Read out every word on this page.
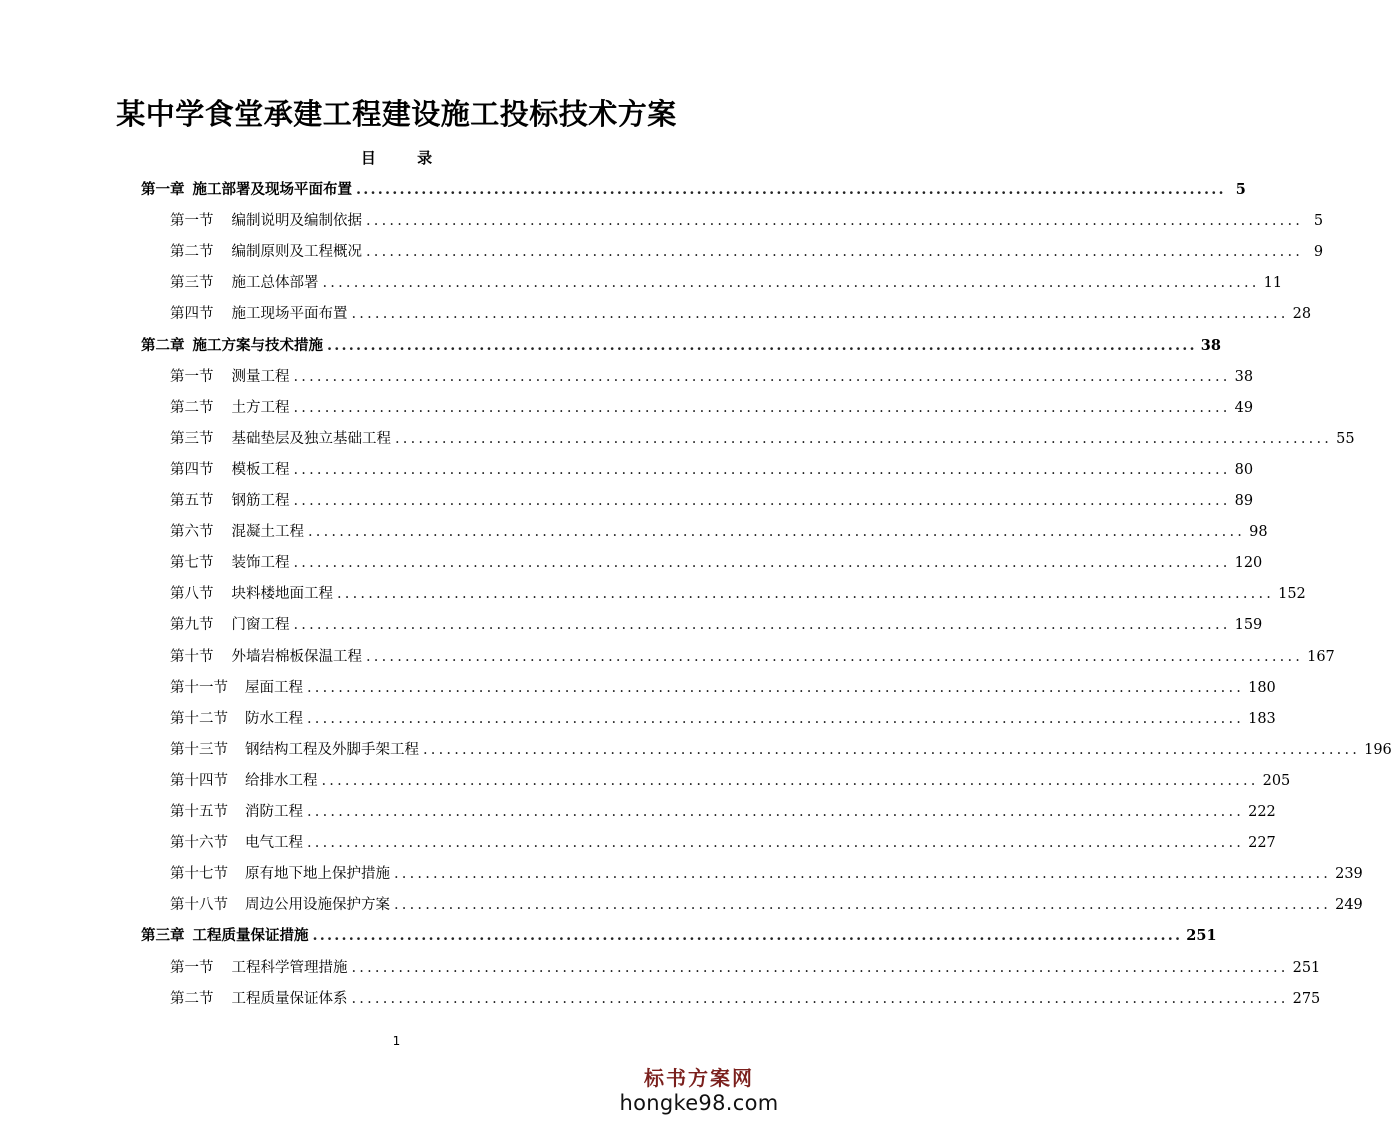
某中学食堂承建工程建设施工投标技术方案
目 录
第一章 施工部署及现场平面布置 ........................................................................................................................ 5
第一节 编制说明及编制依据 ........................................................................................................................ 5
第二节 编制原则及工程概况 ........................................................................................................................ 9
第三节 施工总体部署 ........................................................................................................................ 11
第四节 施工现场平面布置 ........................................................................................................................ 28
第二章 施工方案与技术措施 ........................................................................................................................ 38
第一节 测量工程 ........................................................................................................................ 38
第二节 土方工程 ........................................................................................................................ 49
第三节 基础垫层及独立基础工程 ........................................................................................................................ 55
第四节 模板工程 ........................................................................................................................ 80
第五节 钢筋工程 ........................................................................................................................ 89
第六节 混凝土工程 ........................................................................................................................ 98
第七节 装饰工程 ........................................................................................................................ 120
第八节 块料楼地面工程 ........................................................................................................................ 152
第九节 门窗工程 ........................................................................................................................ 159
第十节 外墙岩棉板保温工程 ........................................................................................................................ 167
第十一节 屋面工程 ........................................................................................................................ 180
第十二节 防水工程 ........................................................................................................................ 183
第十三节 钢结构工程及外脚手架工程 ........................................................................................................................ 196
第十四节 给排水工程 ........................................................................................................................ 205
第十五节 消防工程 ........................................................................................................................ 222
第十六节 电气工程 ........................................................................................................................ 227
第十七节 原有地下地上保护措施 ........................................................................................................................ 239
第十八节 周边公用设施保护方案 ........................................................................................................................ 249
第三章 工程质量保证措施 ........................................................................................................................ 251
第一节 工程科学管理措施 ........................................................................................................................ 251
第二节 工程质量保证体系 ........................................................................................................................ 275
1
标书方案网
hongke98.com
